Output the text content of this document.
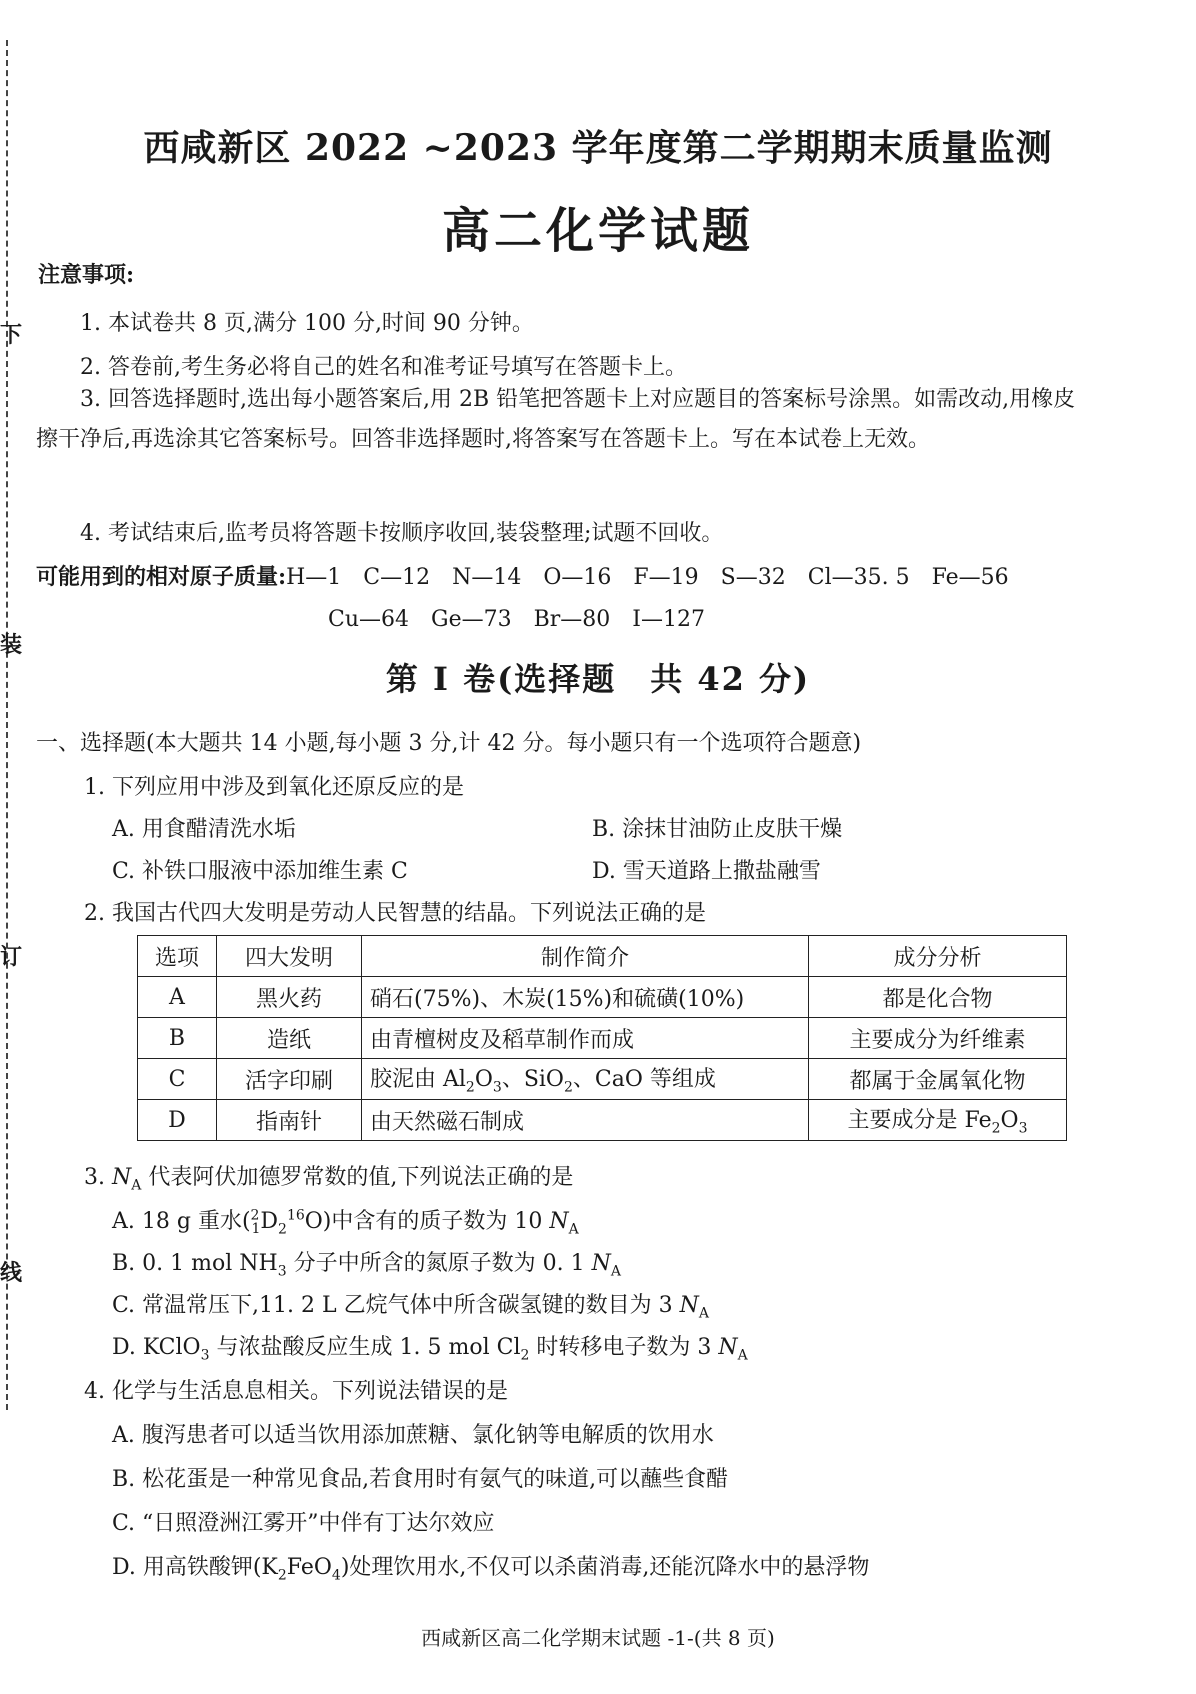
下
装
订
线
西咸新区 2022 ~2023 学年度第二学期期末质量监测
高二化学试题
注意事项:
1. 本试卷共 8 页,满分 100 分,时间 90 分钟。
2. 答卷前,考生务必将自己的姓名和准考证号填写在答题卡上。
3. 回答选择题时,选出每小题答案后,用 2B 铅笔把答题卡上对应题目的答案标号涂黑。如需改动,用橡皮擦干净后,再选涂其它答案标号。回答非选择题时,将答案写在答题卡上。写在本试卷上无效。
4. 考试结束后,监考员将答题卡按顺序收回,装袋整理;试题不回收。
可能用到的相对原子质量:H—1　C—12　N—14　O—16　F—19　S—32　Cl—35. 5　Fe—56
Cu—64　Ge—73　Br—80　I—127
第 Ⅰ 卷(选择题　共 42 分)
一、选择题(本大题共 14 小题,每小题 3 分,计 42 分。每小题只有一个选项符合题意)
1. 下列应用中涉及到氧化还原反应的是
A. 用食醋清洗水垢	B. 涂抹甘油防止皮肤干燥
C. 补铁口服液中添加维生素 C	D. 雪天道路上撒盐融雪
2. 我国古代四大发明是劳动人民智慧的结晶。下列说法正确的是
选项	四大发明	制作简介	成分分析
A	黑火药	硝石(75%)、木炭(15%)和硫磺(10%)	都是化合物
B	造纸	由青檀树皮及稻草制作而成	主要成分为纤维素
C	活字印刷	胶泥由 $Al_2O_3$、SiO$_2$、CaO 等组成	都属于金属氧化物
D	指南针	由天然磁石制成	主要成分是 $Fe_2O_3$
3. $N_A$ 代表阿伏加德罗常数的值,下列说法正确的是
A. 18 g 重水$(^2_1D_2^{16}O)$中含有的质子数为 10 $N_A$
B. 0. 1 mol $NH_3$ 分子中所含的氮原子数为 0. 1 $N_A$
C. 常温常压下,11. 2 L 乙烷气体中所含碳氢键的数目为 3 $N_A$
D. KClO$_3$ 与浓盐酸反应生成 1. 5 mol $Cl_2$ 时转移电子数为 3 $N_A$
4. 化学与生活息息相关。下列说法错误的是
A. 腹泻患者可以适当饮用添加蔗糖、氯化钠等电解质的饮用水
B. 松花蛋是一种常见食品,若食用时有氨气的味道,可以蘸些食醋
C. “日照澄洲江雾开”中伴有丁达尔效应
D. 用高铁酸钾$(K_2FeO_4)$处理饮用水,不仅可以杀菌消毒,还能沉降水中的悬浮物
西咸新区高二化学期末试题 -1-(共 8 页)
